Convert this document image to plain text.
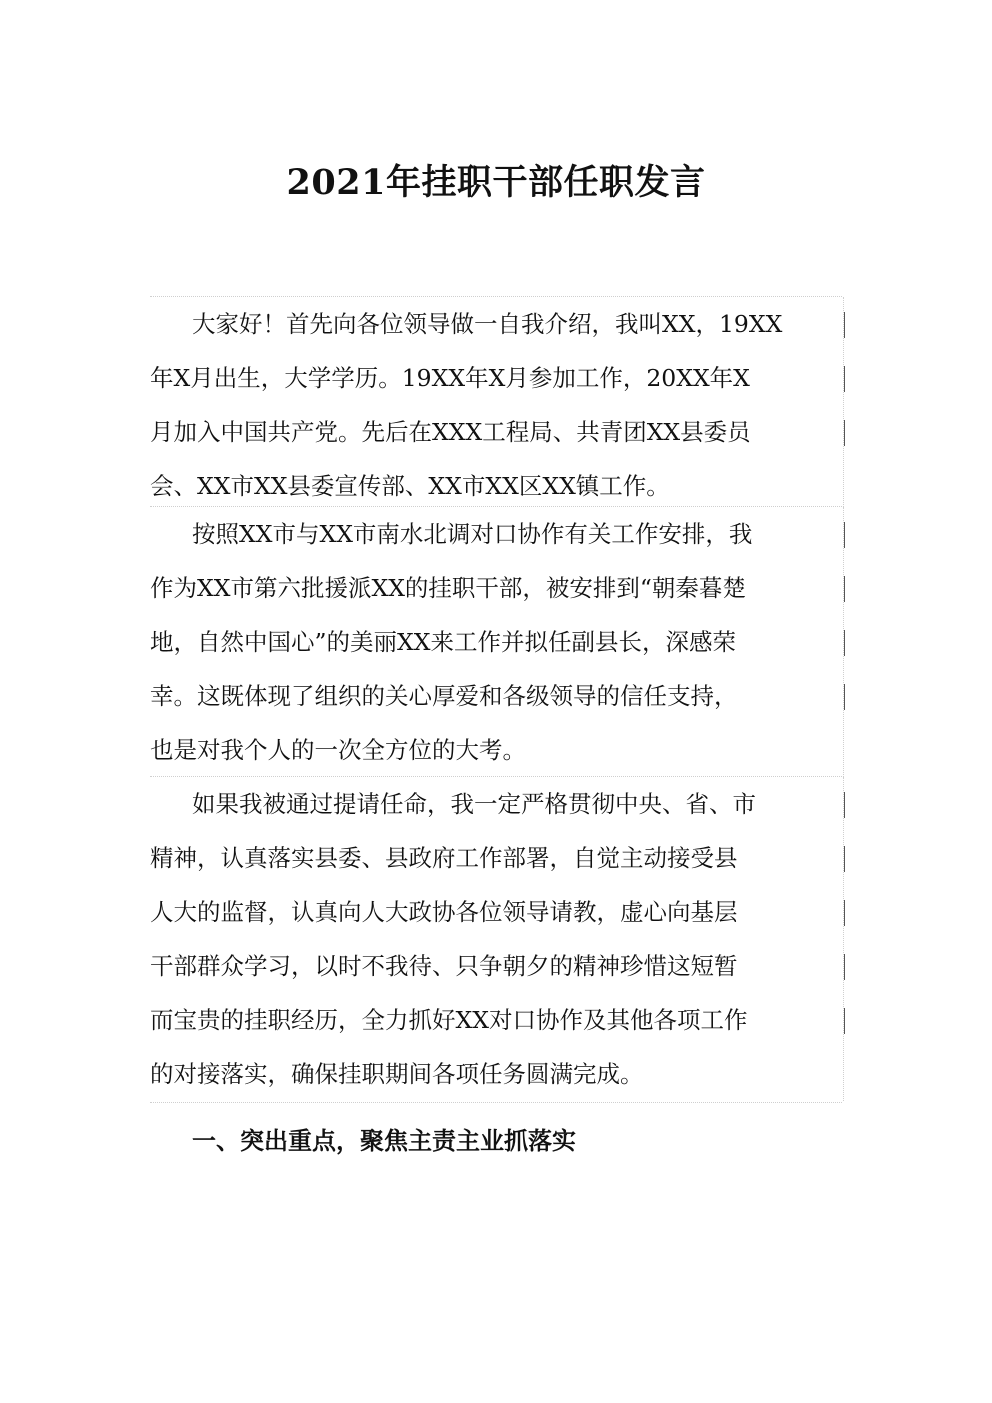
2021年挂职干部任职发言
大家好！首先向各位领导做一自我介绍，我叫XX，19XX
年X月出生，大学学历。19XX年X月参加工作，20XX年X
月加入中国共产党。先后在XXX工程局、共青团XX县委员
会、XX市XX县委宣传部、XX市XX区XX镇工作。
按照XX市与XX市南水北调对口协作有关工作安排，我
作为XX市第六批援派XX的挂职干部，被安排到“朝秦暮楚
地，自然中国心”的美丽XX来工作并拟任副县长，深感荣
幸。这既体现了组织的关心厚爱和各级领导的信任支持，
也是对我个人的一次全方位的大考。
如果我被通过提请任命，我一定严格贯彻中央、省、市
精神，认真落实县委、县政府工作部署，自觉主动接受县
人大的监督，认真向人大政协各位领导请教，虚心向基层
干部群众学习，以时不我待、只争朝夕的精神珍惜这短暂
而宝贵的挂职经历，全力抓好XX对口协作及其他各项工作
的对接落实，确保挂职期间各项任务圆满完成。
一、突出重点，聚焦主责主业抓落实
